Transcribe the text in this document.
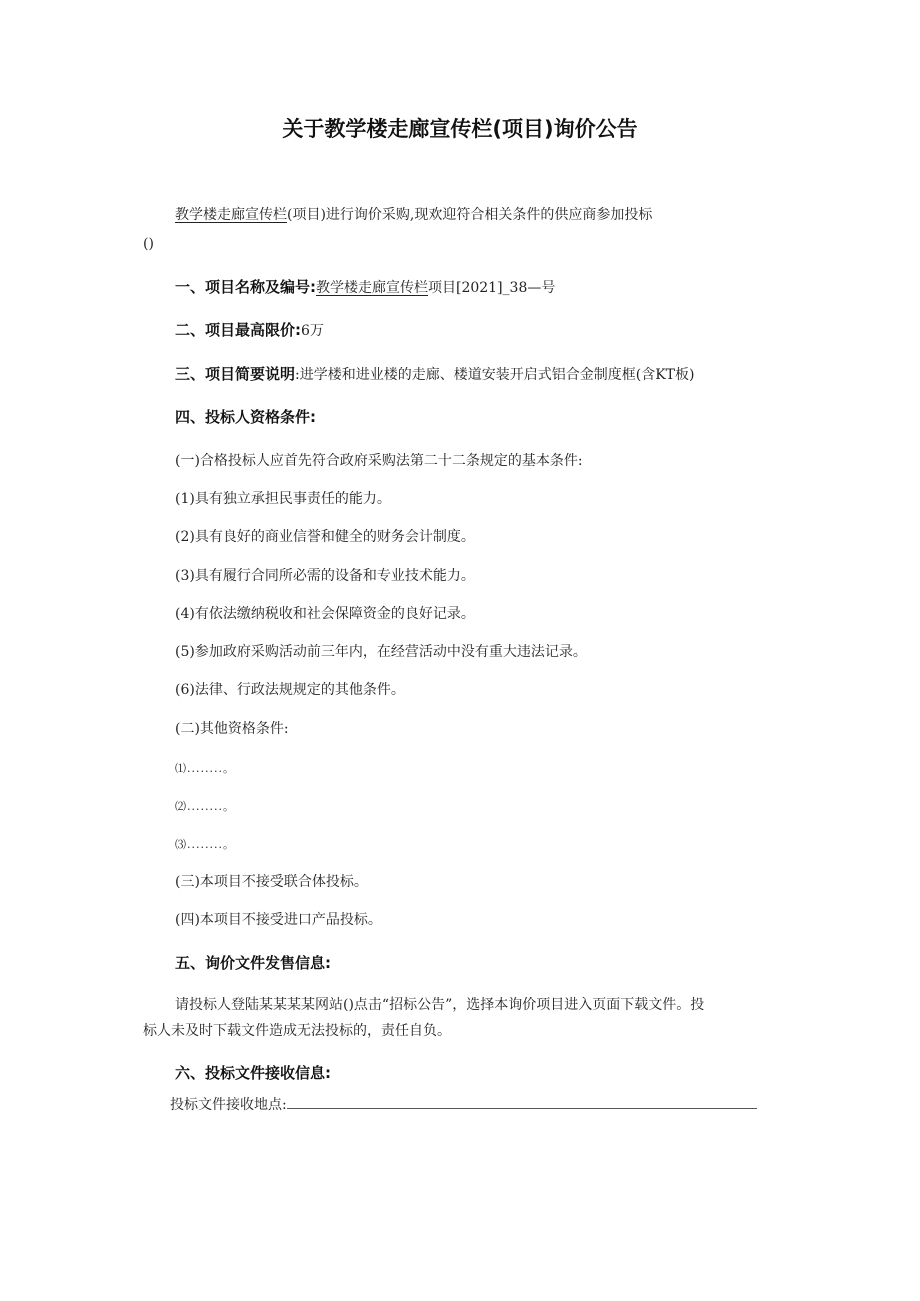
关于教学楼走廊宣传栏(项目)询价公告
教学楼走廊宣传栏(项目)进行询价采购,现欢迎符合相关条件的供应商参加投标
()
一、项目名称及编号:教学楼走廊宣传栏项目[2021]_38—号
二、项目最高限价:6万
三、项目简要说明:进学楼和进业楼的走廊、楼道安装开启式铝合金制度框(含KT板)
四、投标人资格条件:
(一)合格投标人应首先符合政府采购法第二十二条规定的基本条件:
(1)具有独立承担民事责任的能力。
(2)具有良好的商业信誉和健全的财务会计制度。
(3)具有履行合同所必需的设备和专业技术能力。
(4)有依法缴纳税收和社会保障资金的良好记录。
(5)参加政府采购活动前三年内，在经营活动中没有重大违法记录。
(6)法律、行政法规规定的其他条件。
(二)其他资格条件:
⑴........。
⑵........。
⑶........。
(三)本项目不接受联合体投标。
(四)本项目不接受进口产品投标。
五、询价文件发售信息:
请投标人登陆某某某某网站()点击“招标公告”，选择本询价项目进入页面下载文件。投
标人未及时下载文件造成无法投标的，责任自负。
六、投标文件接收信息:
投标文件接收地点:
